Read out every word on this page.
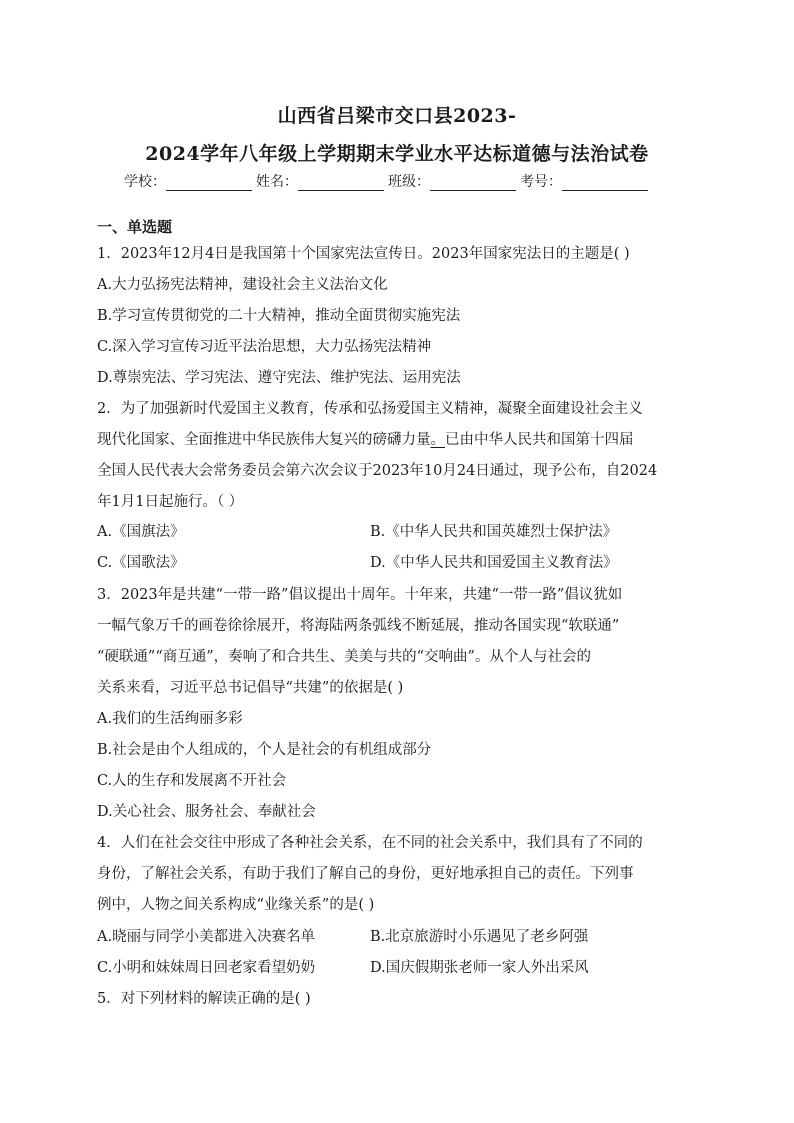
山西省吕梁市交口县2023-
2024学年八年级上学期期末学业水平达标道德与法治试卷
学校：	姓名：	班级：	考号：
一、单选题
1．2023年12月4日是我国第十个国家宪法宣传日。2023年国家宪法日的主题是( )
A.大力弘扬宪法精神，建设社会主义法治文化
B.学习宣传贯彻党的二十大精神，推动全面贯彻实施宪法
C.深入学习宣传习近平法治思想，大力弘扬宪法精神
D.尊崇宪法、学习宪法、遵守宪法、维护宪法、运用宪法
2．为了加强新时代爱国主义教育，传承和弘扬爱国主义精神，凝聚全面建设社会主义
现代化国家、全面推进中华民族伟大复兴的磅礴力量。已由中华人民共和国第十四届
全国人民代表大会常务委员会第六次会议于2023年10月24日通过，现予公布，自2024
年1月1日起施行。（ ）
A.《国旗法》	B.《中华人民共和国英雄烈士保护法》
C.《国歌法》	D.《中华人民共和国爱国主义教育法》
3．2023年是共建“一带一路”倡议提出十周年。十年来，共建“一带一路”倡议犹如
一幅气象万千的画卷徐徐展开，将海陆两条弧线不断延展，推动各国实现“软联通”
“硬联通”“商互通”，奏响了和合共生、美美与共的“交响曲”。从个人与社会的
关系来看，习近平总书记倡导“共建”的依据是( )
A.我们的生活绚丽多彩
B.社会是由个人组成的，个人是社会的有机组成部分
C.人的生存和发展离不开社会
D.关心社会、服务社会、奉献社会
4．人们在社会交往中形成了各种社会关系，在不同的社会关系中，我们具有了不同的
身份，了解社会关系，有助于我们了解自己的身份，更好地承担自己的责任。下列事
例中，人物之间关系构成“业缘关系”的是( )
A.晓丽与同学小美都进入决赛名单	B.北京旅游时小乐遇见了老乡阿强
C.小明和妹妹周日回老家看望奶奶	D.国庆假期张老师一家人外出采风
5．对下列材料的解读正确的是( )
